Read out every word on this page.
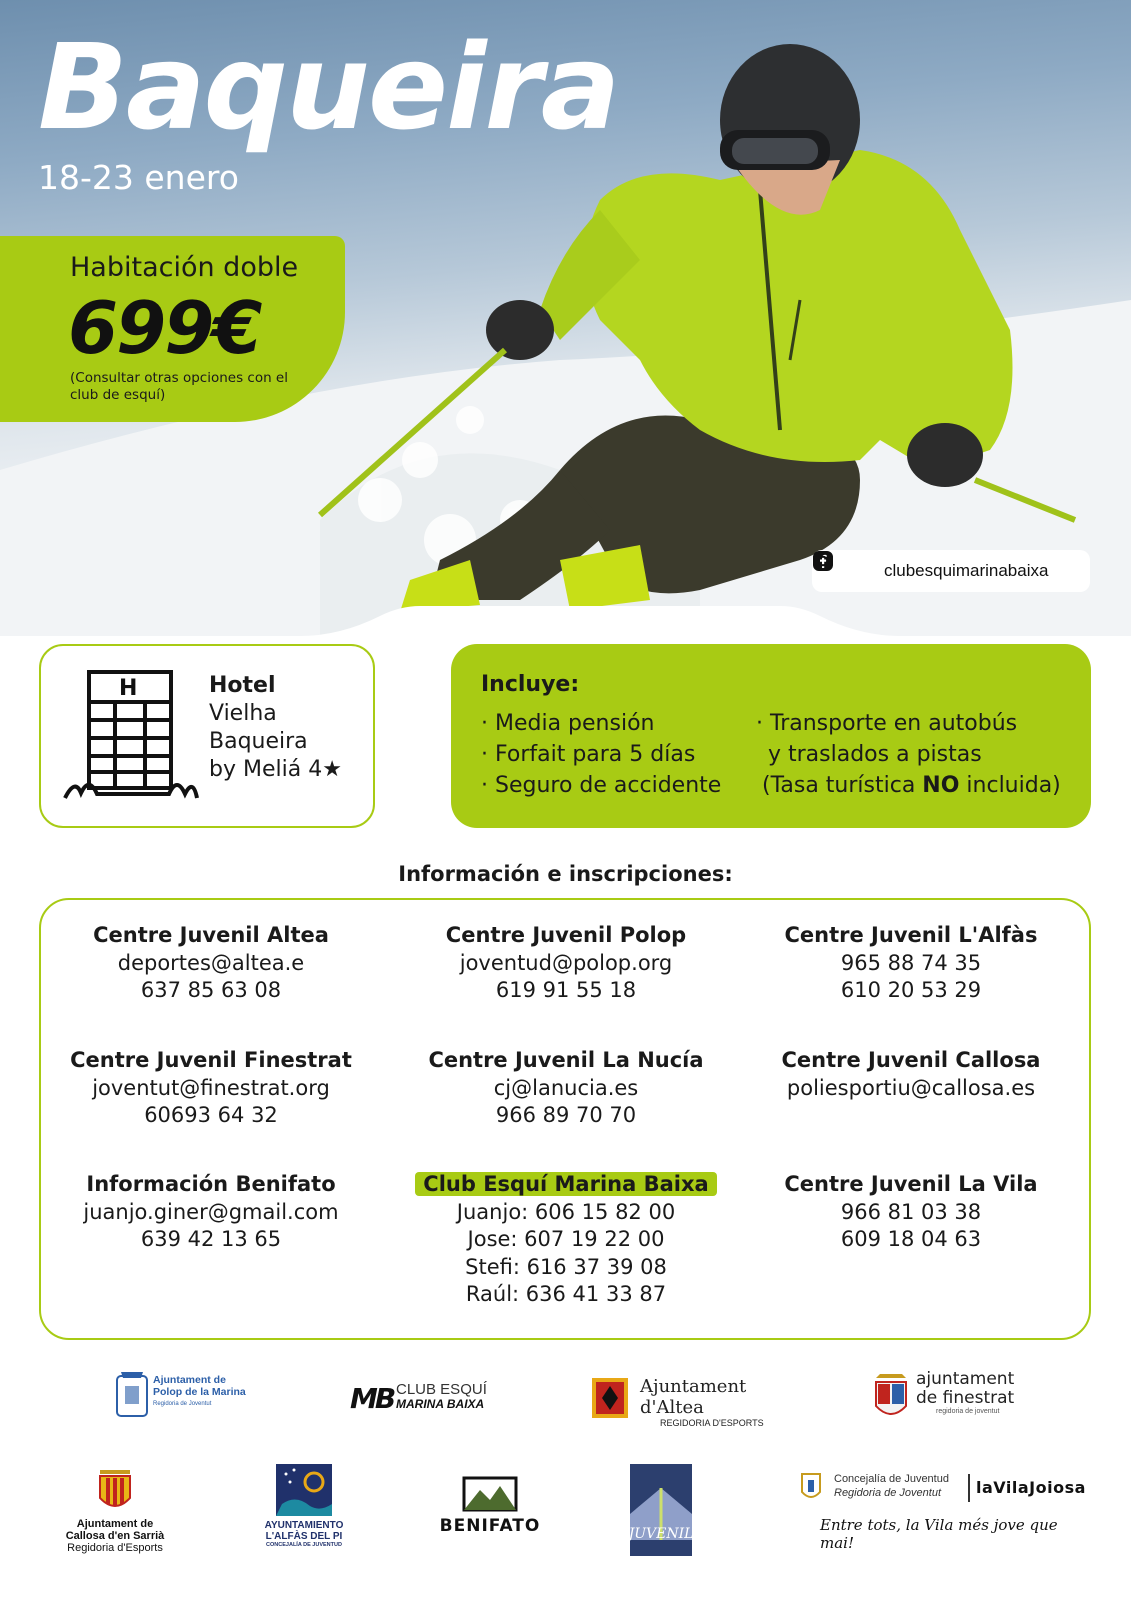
Baqueira
18-23 enero
Habitación doble
699€
(Consultar otras opciones con el club de esquí)
clubesquimarinabaixa
H	Hotel
Vielha
Baqueira
by Meliá 4★
Incluye:
· Media pensión
· Forfait para 5 días
· Seguro de accidente
· Transporte en autobús
y traslados a pistas
(Tasa turística NO incluida)
Información e inscripciones:
Centre Juvenil Altea
deportes@altea.e
637 85 63 08
Centre Juvenil Polop
joventud@polop.org
619 91 55 18
Centre Juvenil L'Alfàs
965 88 74 35
610 20 53 29
Centre Juvenil Finestrat
joventut@finestrat.org
60693 64 32
Centre Juvenil La Nucía
cj@lanucia.es
966 89 70 70
Centre Juvenil Callosa
poliesportiu@callosa.es
Información Benifato
juanjo.giner@gmail.com
639 42 13 65
Club Esquí Marina Baixa
Juanjo: 606 15 82 00
Jose: 607 19 22 00
Stefi: 616 37 39 08
Raúl: 636 41 33 87
Centre Juvenil La Vila
966 81 03 38
609 18 04 63
Ajuntament de
Polop de la Marina
Regidoria de Joventut	MB CLUB ESQUÍ
MARINA BAIXA
Ajuntament d'Altea
REGIDORIA D'ESPORTS
ajuntament
de finestrat
regidoria de joventut
Ajuntament de
Callosa d'en Sarrià
Regidoria d'Esports
AYUNTAMIENTO
L'ALFÀS DEL PI
CONCEJALÍA DE JUVENTUD
BENIFATO	JUVENIL
Concejalía de Juventud
Regidoria de Joventut	laVilaJoiosa
Entre tots, la Vila més jove que mai!
